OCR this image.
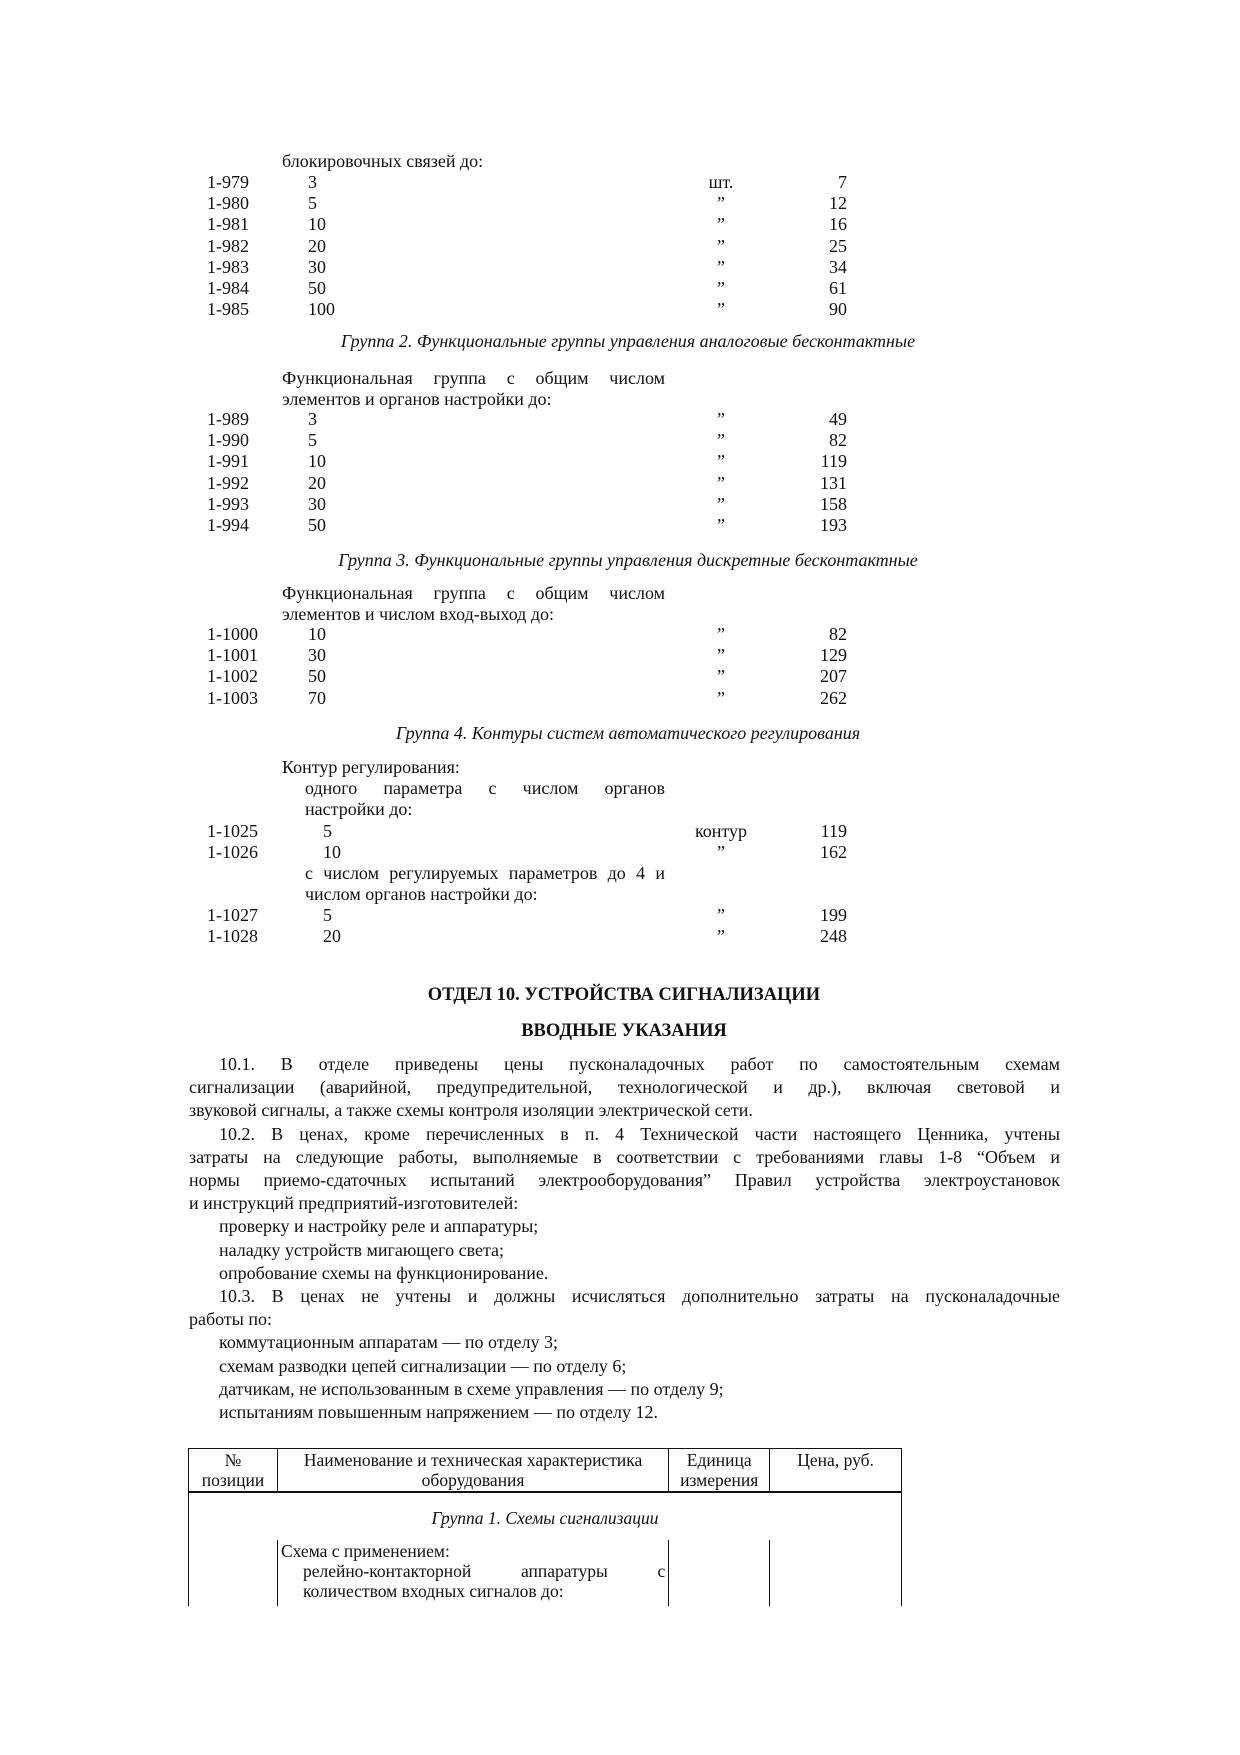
блокировочных связей до:
1-979	3	шт.	7
1-980	5	”	12
1-981	10	”	16
1-982	20	”	25
1-983	30	”	34
1-984	50	”	61
1-985	100	”	90
Группа 2. Функциональные группы управления аналоговые бесконтактные
Функциональная группа с общим числом
элементов и органов настройки до:
1-989	3	”	49
1-990	5	”	82
1-991	10	”	119
1-992	20	”	131
1-993	30	”	158
1-994	50	”	193
Группа 3. Функциональные группы управления дискретные бесконтактные
Функциональная группа с общим числом
элементов и числом вход-выход до:
1-1000	10	”	82
1-1001	30	”	129
1-1002	50	”	207
1-1003	70	”	262
Группа 4. Контуры систем автоматического регулирования
Контур регулирования:
одного параметра с числом органов
настройки до:
1-1025	5	контур	119
1-1026	10	”	162
с числом регулируемых параметров до 4 и
числом органов настройки до:
1-1027	5	”	199
1-1028	20	”	248
ОТДЕЛ 10. УСТРОЙСТВА СИГНАЛИЗАЦИИ
ВВОДНЫЕ УКАЗАНИЯ
10.1. В отделе приведены цены пусконаладочных работ по самостоятельным схемам
сигнализации (аварийной, предупредительной, технологической и др.), включая световой и
звуковой сигналы, а также схемы контроля изоляции электрической сети.
10.2. В ценах, кроме перечисленных в п. 4 Технической части настоящего Ценника, учтены
затраты на следующие работы, выполняемые в соответствии с требованиями главы 1-8 “Объем и
нормы приемо-сдаточных испытаний электрооборудования” Правил устройства электроустановок
и инструкций предприятий-изготовителей:
проверку и настройку реле и аппаратуры;
наладку устройств мигающего света;
опробование схемы на функционирование.
10.3. В ценах не учтены и должны исчисляться дополнительно затраты на пусконаладочные
работы по:
коммутационным аппаратам — по отделу 3;
схемам разводки цепей сигнализации — по отделу 6;
датчикам, не использованным в схеме управления — по отделу 9;
испытаниям повышенным напряжением — по отделу 12.
№ позиции	Наименование и техническая характеристика оборудования	Единица измерения	Цена, руб.
Группа 1. Схемы сигнализации			

	Схема с применением:
релейно-контакторной аппаратуры с
количеством входных сигналов до:		
